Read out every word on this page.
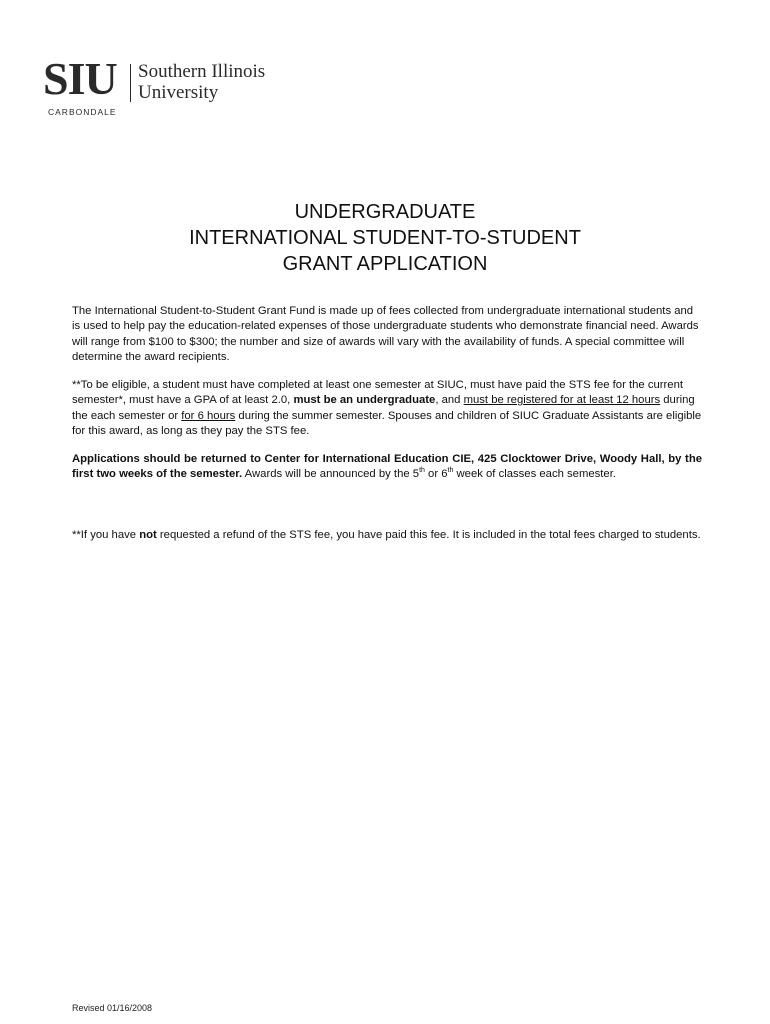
SIU Southern Illinois
University
CARBONDALE
UNDERGRADUATE
INTERNATIONAL STUDENT-TO-STUDENT
GRANT APPLICATION

The International Student-to-Student Grant Fund is made up of fees collected from undergraduate international students and is used to help pay the education-related expenses of those undergraduate students who demonstrate financial need. Awards will range from $100 to $300; the number and size of awards will vary with the availability of funds. A special committee will determine the award recipients.

**To be eligible, a student must have completed at least one semester at SIUC, must have paid the STS fee for the current semester*, must have a GPA of at least 2.0, must be an undergraduate, and must be registered for at least 12 hours during the each semester or for 6 hours during the summer semester. Spouses and children of SIUC Graduate Assistants are eligible for this award, as long as they pay the STS fee.

Applications should be returned to Center for International Education CIE, 425 Clocktower Drive, Woody Hall, by the first two weeks of the semester. Awards will be announced by the 5th or 6th week of classes each semester.

**If you have not requested a refund of the STS fee, you have paid this fee. It is included in the total fees charged to students.

Revised 01/16/2008
